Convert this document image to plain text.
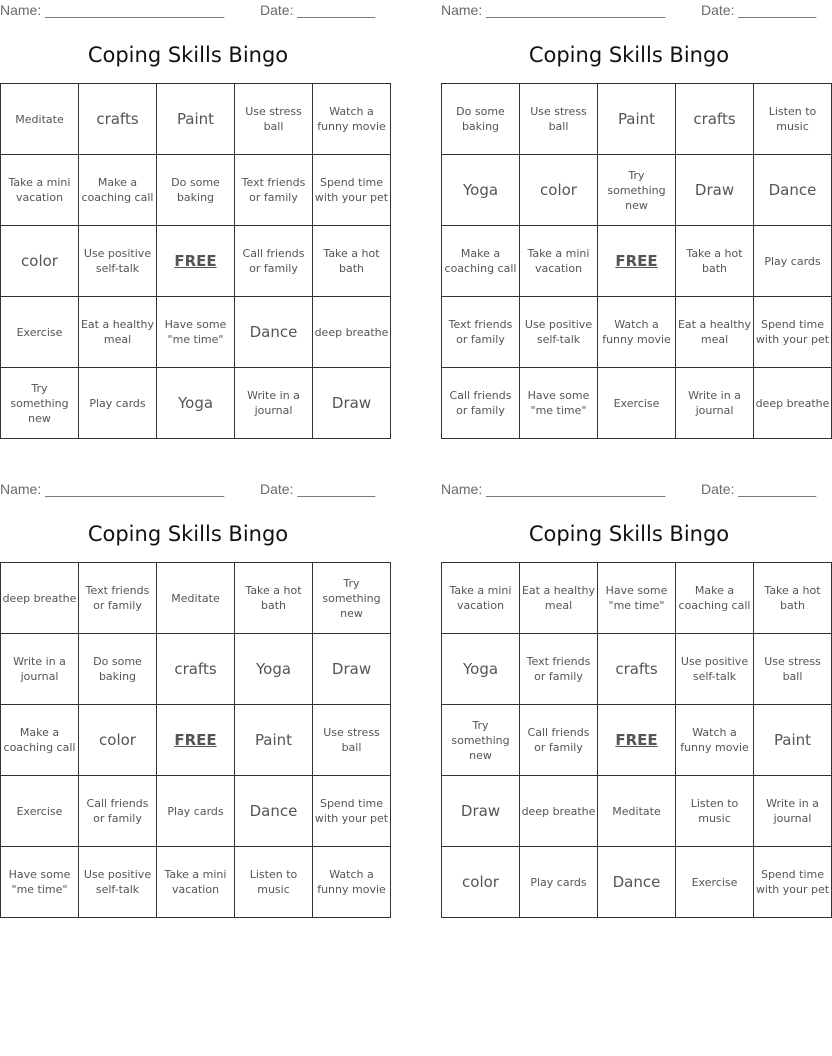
Name: _______________________	Date: __________
Coping Skills Bingo
Meditate	crafts	Paint	Use stress ball	Watch a funny movie
Take a mini vacation	Make a coaching call	Do some baking	Text friends or family	Spend time with your pet
color	Use positive self-talk	FREE	Call friends or family	Take a hot bath
Exercise	Eat a healthy meal	Have some "me time"	Dance	deep breathe
Try something new	Play cards	Yoga	Write in a journal	Draw
Name: _______________________	Date: __________
Coping Skills Bingo
Do some baking	Use stress ball	Paint	crafts	Listen to music
Yoga	color	Try something new	Draw	Dance
Make a coaching call	Take a mini vacation	FREE	Take a hot bath	Play cards
Text friends or family	Use positive self-talk	Watch a funny movie	Eat a healthy meal	Spend time with your pet
Call friends or family	Have some "me time"	Exercise	Write in a journal	deep breathe
Name: _______________________	Date: __________
Coping Skills Bingo
deep breathe	Text friends or family	Meditate	Take a hot bath	Try something new
Write in a journal	Do some baking	crafts	Yoga	Draw
Make a coaching call	color	FREE	Paint	Use stress ball
Exercise	Call friends or family	Play cards	Dance	Spend time with your pet
Have some "me time"	Use positive self-talk	Take a mini vacation	Listen to music	Watch a funny movie
Name: _______________________	Date: __________
Coping Skills Bingo
Take a mini vacation	Eat a healthy meal	Have some "me time"	Make a coaching call	Take a hot bath
Yoga	Text friends or family	crafts	Use positive self-talk	Use stress ball
Try something new	Call friends or family	FREE	Watch a funny movie	Paint
Draw	deep breathe	Meditate	Listen to music	Write in a journal
color	Play cards	Dance	Exercise	Spend time with your pet
